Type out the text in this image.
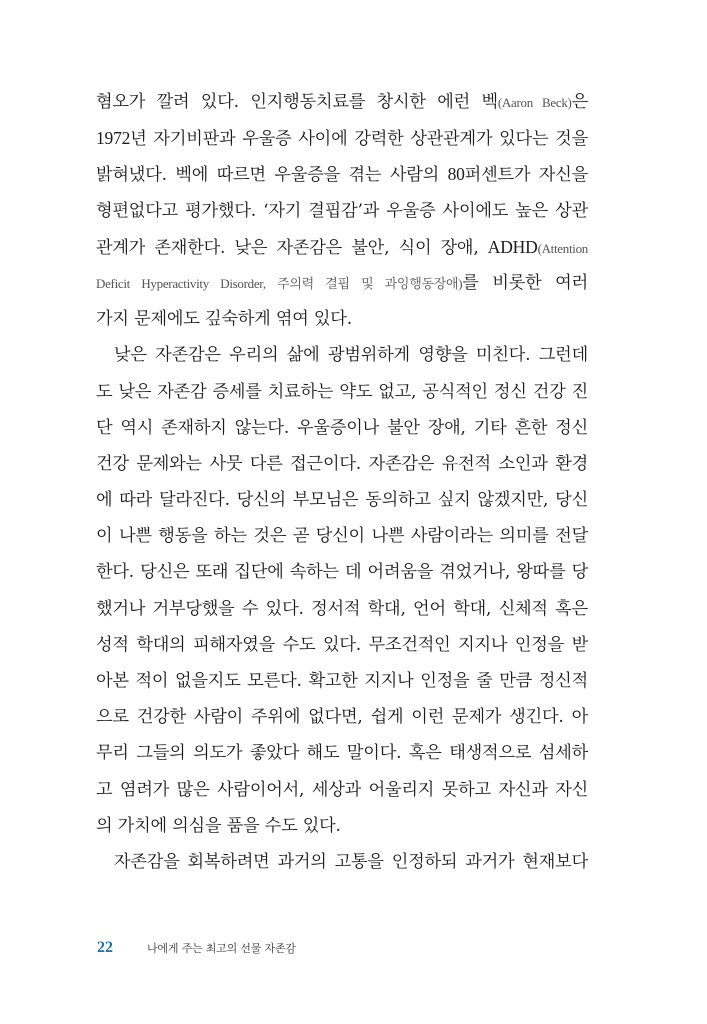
혐오가 깔려 있다. 인지행동치료를 창시한 에런 벡(Aaron Beck)은
1972년 자기비판과 우울증 사이에 강력한 상관관계가 있다는 것을
밝혀냈다. 벡에 따르면 우울증을 겪는 사람의 80퍼센트가 자신을
형편없다고 평가했다. ‘자기 결핍감’과 우울증 사이에도 높은 상관
관계가 존재한다. 낮은 자존감은 불안, 식이 장애, ADHD(Attention
Deficit Hyperactivity Disorder, 주의력 결핍 및 과잉행동장애)를 비롯한 여러
가지 문제에도 깊숙하게 엮여 있다.
낮은 자존감은 우리의 삶에 광범위하게 영향을 미친다. 그런데
도 낮은 자존감 증세를 치료하는 약도 없고, 공식적인 정신 건강 진
단 역시 존재하지 않는다. 우울증이나 불안 장애, 기타 흔한 정신
건강 문제와는 사뭇 다른 접근이다. 자존감은 유전적 소인과 환경
에 따라 달라진다. 당신의 부모님은 동의하고 싶지 않겠지만, 당신
이 나쁜 행동을 하는 것은 곧 당신이 나쁜 사람이라는 의미를 전달
한다. 당신은 또래 집단에 속하는 데 어려움을 겪었거나, 왕따를 당
했거나 거부당했을 수 있다. 정서적 학대, 언어 학대, 신체적 혹은
성적 학대의 피해자였을 수도 있다. 무조건적인 지지나 인정을 받
아본 적이 없을지도 모른다. 확고한 지지나 인정을 줄 만큼 정신적
으로 건강한 사람이 주위에 없다면, 쉽게 이런 문제가 생긴다. 아
무리 그들의 의도가 좋았다 해도 말이다. 혹은 태생적으로 섬세하
고 염려가 많은 사람이어서, 세상과 어울리지 못하고 자신과 자신
의 가치에 의심을 품을 수도 있다.
자존감을 회복하려면 과거의 고통을 인정하되 과거가 현재보다
22	나에게 주는 최고의 선물 자존감
